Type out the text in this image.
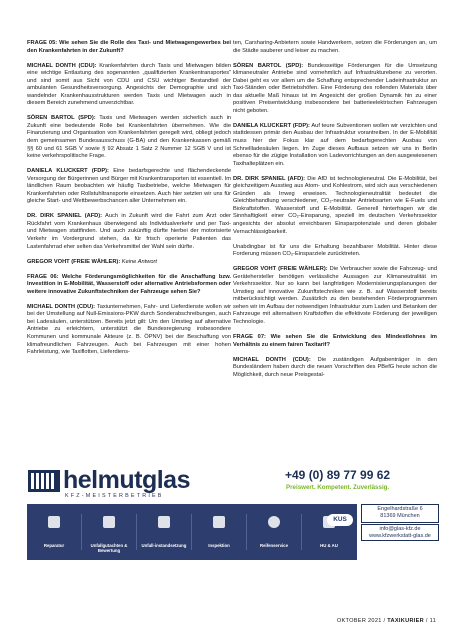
FRAGE 05: Wie sehen Sie die Rolle des Taxi- und Mietwagengewerbes bei den Krankenfahrten in der Zukunft?

MICHAEL DONTH (CDU): Krankenfahrten durch Taxis und Mietwagen bilden eine wichtige Entlastung des sogenannten „qualifizierten Krankentransportes“ und sind somit aus Sicht von CDU und CSU wichtiger Bestandteil der ambulanten Gesundheitsversorgung. Angesichts der Demographie und sich wandelnder Krankenhausstrukturen werden Taxis und Mietwagen auch in diesem Bereich zunehmend unverzichtbar.

SÖREN BARTOL (SPD): Taxis und Mietwagen werden sicherlich auch in Zukunft eine bedeutende Rolle bei Krankenfahrten übernehmen. Wie die Finanzierung und Organisation von Krankenfahrten geregelt wird, obliegt jedoch dem gemeinsamen Bundesausschuss (G-BA) und den Krankenkassen gemäß §§ 60 und 61 SGB V sowie § 92 Absatz 1 Satz 2 Nummer 12 SGB V und ist keine verkehrspolitische Frage.

DANIELA KLUCKERT (FDP): Eine bedarfsgerechte und flächendeckende Versorgung der Bürgerinnen und Bürger mit Krankentransporten ist essentiell. Im ländlichen Raum beobachten wir häufig Taxibetriebe, welche Mietwagen für Krankenfahrten oder Rollstuhltransporte einsetzen. Auch hier setzten wir uns für gleiche Start- und Wettbewerbschancen aller Unternehmen ein.

DR. DIRK SPANIEL (AFD): Auch in Zukunft wird die Fahrt zum Arzt oder Rückfahrt vom Krankenhaus überwiegend als Individualverkehr und per Taxi- und Mietwagen stattfinden. Und auch zukünftig dürfte hierbei der motorisierte Verkehr im Vordergrund stehen, da für frisch operierte Patienten das Lastenfahrrad eher selten das Verkehrsmittel der Wahl sein dürfte.

GREGOR VOHT (FREIE WÄHLER): Keine Antwort

FRAGE 06: Welche Förderungsmöglichkeiten für die Anschaffung bzw. Investition in E-Mobilität, Wasserstoff oder alternative Antriebsformen oder weitere innovative Zukunftstechniken der Fahrzeuge sehen Sie?

MICHAEL DONTH (CDU): Taxiunternehmen, Fahr- und Lieferdienste wollen wir bei der Umstellung auf Null-Emissions-PKW durch Sonderabschreibungen, auch bei Ladesäulen, unterstützen. Bereits jetzt gilt: Um den Umstieg auf alternative Antriebe zu erleichtern, unterstützt die Bundesregierung insbesondere Kommunen und kommunale Akteure (z. B. ÖPNV) bei der Beschaffung von klimafreundlichen Fahrzeugen. Auch bei Fahrzeugen mit einer hohen Fahrleistung, wie Taxiflotten, Lieferdiens-

ten, Carsharing-Anbietern sowie Handwerkern, setzen die Förderungen an, um die Städte sauberer und leiser zu machen.

SÖREN BARTOL (SPD): Bundesseitige Förderungen für die Umsetzung klimaneutraler Antriebe sind vornehmlich auf Infrastrukturebene zu verorten. Dabei geht es vor allem um die Schaffung entsprechender Ladeinfrastruktur an Taxi-Ständen oder Betriebshöfen. Eine Förderung des rollenden Materials über das aktuelle Maß hinaus ist im Angesicht der großen Dynamik hin zu einer positiven Preisentwicklung insbesondere bei batterieelektrischen Fahrzeugen nicht geboten.

DANIELA KLUCKERT (FDP): Auf teure Subventionen wollen wir verzichten und stattdessen primär den Ausbau der Infrastruktur vorantreiben. In der E-Mobilität muss hier der Fokus klar auf dem bedarfsgerechten Ausbau von Schnellladesäulen liegen. Im Zuge dieses Aufbaus setzen wir uns in Berlin ebenso für die zügige Installation von Ladevorrichtungen an den ausgewiesenen Taxihalteplätzen ein.

DR. DIRK SPANIEL (AFD): Die AfD ist technologieneutral. Die E-Mobilität, bei gleichzeitigem Ausstieg aus Atom- und Kohlestrom, wird sich aus verschiedenen Gründen als Irrweg erweisen. Technologieneutralität bedeutet die Gleichbehandlung verschiedener, CO₂-neutraler Antriebsarten wie E-Fuels und Biokraftstoffen. Wasserstoff und E-Mobilität. Generell hinterfragen wir die Sinnhaftigkeit einer CO₂-Einsparung, speziell im deutschen Verkehrssektor angesichts der absolut erreichbaren Einsparpotenziale und deren globaler Vernachlässigbarkeit.

Unabdingbar ist für uns die Erhaltung bezahlbarer Mobilität. Hinter diese Forderung müssen CO₂-Einsparziele zurücktreten.

GREGOR VOHT (FREIE WÄHLER): Die Verbraucher sowie die Fahrzeug- und Gerätehersteller benötigen verlässliche Aussagen zur Klimaneutralität im Verkehrssektor. Nur so kann bei langfristigen Modernisierungsplanungen der Umstieg auf innovative Zukunftstechniken wie z. B. auf Wasserstoff bereits mitberücksichtigt werden. Zusätzlich zu den bestehenden Förderprogrammen sehen wir im Aufbau der notwendigen Infrastruktur zum Laden und Betanken der Fahrzeuge mit alternativen Kraftstoffen die effektivste Förderung der jeweiligen Technologie.

FRAGE 07: Wie sehen Sie die Entwicklung des Mindestlohnes im Verhältnis zu einem fairen Taxitarif?

MICHAEL DONTH (CDU): Die zuständigen Aufgabenträger in den Bundesländern haben durch die neuen Vorschriften des PBefG heute schon die Möglichkeit, durch neue Preisgestal-

helmutglas
KFZ-MEISTERBETRIEB
+49 (0) 89 77 99 62
Preiswert. Kompetent. Zuverlässig.
Reparatur	Unfallgutachten & Bewertung
Unfall-instandsetzung	Inspektion	Reifenservice	HU & AU
KUS
Engelhardstraße 6
81369 München
info@glas-kfz.de
www.kfzwerkstatt-glas.de
OKTOBER 2021 / TAXIKURIER / 11
